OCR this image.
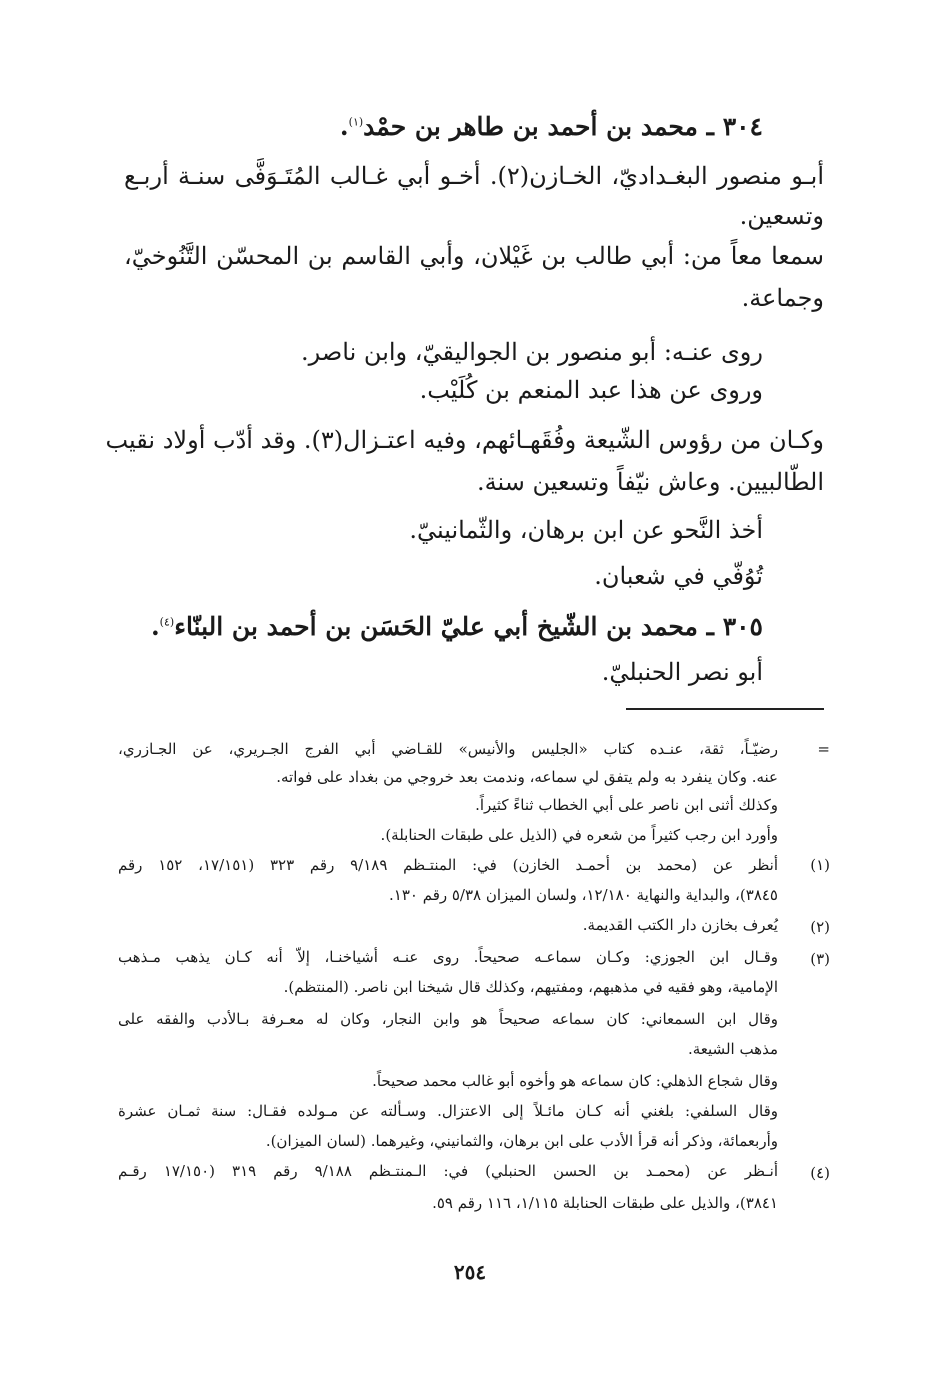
٣٠٤ ـ محمد بن أحمد بن طاهر بن حمْد$^{(١)}$.
أبـو منصور البغـداديّ، الخـازن(٢). أخـو أبي غـالب المُتَـوَفَّى سنـة أربـع
وتسعين.
سمعا معاً من: أبي طالب بن غَيْلان، وأبي القاسم بن المحسّن التَّنُوخيّ،
وجماعة.
روى عنـه: أبو منصور بن الجواليقيّ، وابن ناصر.
وروى عن هذا عبد المنعم بن كُلَيْب.
وكـان من رؤوس الشّيعة وفُقَهـائهم، وفيه اعتـزال(٣). وقد أدّب أولاد نقيب
الطّالبيين. وعاش نيّفاً وتسعين سنة.
أخذ النَّحو عن ابن برهان، والثّمانينيّ.
تُوُفّي في شعبان.
٣٠٥ ـ محمد بن الشّيخ أبي عليّ الحَسَن بن أحمد بن البنّاء$^{(٤)}$.
أبو نصر الحنبليّ.
=
رضيّـاً، ثقة، عنـده كتاب «الجليس والأنيس» للقـاضي أبي الفرج الجـريري، عن الجـازري،
عنه. وكان ينفرد به ولم يتفق لي سماعه، وندمت بعد خروجي من بغداد على فواته.
وكذلك أثنى ابن ناصر على أبي الخطاب ثناءً كثيراً.
وأورد ابن رجب كثيراً من شعره في (الذيل على طبقات الحنابلة).
(١)
أنظر عن (محمد بن أحمـد الخازن) في: المنتـظم ٩/١٨٩ رقم ٣٢٣ (١٧/١٥١، ١٥٢ رقم
٣٨٤٥)، والبداية والنهاية ١٢/١٨٠، ولسان الميزان ٥/٣٨ رقم ١٣٠.
(٢)
يُعرف بخازن دار الكتب القديمة.
(٣)
وقـال ابن الجوزي: وكـان سماعـه صحيحاً. روى عنـه أشياخنـا، إلاّ أنه كـان يذهب مـذهب
الإمامية، وهو فقيه في مذهبهم، ومفتيهم، وكذلك قال شيخنا ابن ناصر. (المنتظم).
وقال ابن السمعاني: كان سماعه صحيحاً هو وابن النجار، وكان له معـرفة بـالأدب والفقه على
مذهب الشيعة.
وقال شجاع الذهلي: كان سماعه هو وأخوه أبو غالب محمد صحيحاً.
وقال السلفي: بلغني أنه كـان مائـلاً إلى الاعتزال. وسـألته عن مـولده فقـال: سنة ثمـان عشرة
وأربعمائة، وذكر أنه قرأ الأدب على ابن برهان، والثمانيني، وغيرهما. (لسان الميزان).
(٤)
أنـظر عن (محمـد بن الحسن الحنبلي) في: الـمنتـظم ٩/١٨٨ رقم ٣١٩ (١٧/١٥٠ رقـم
٣٨٤١)، والذيل على طبقات الحنابلة ١/١١٥، ١١٦ رقم ٥٩.
٢٥٤
